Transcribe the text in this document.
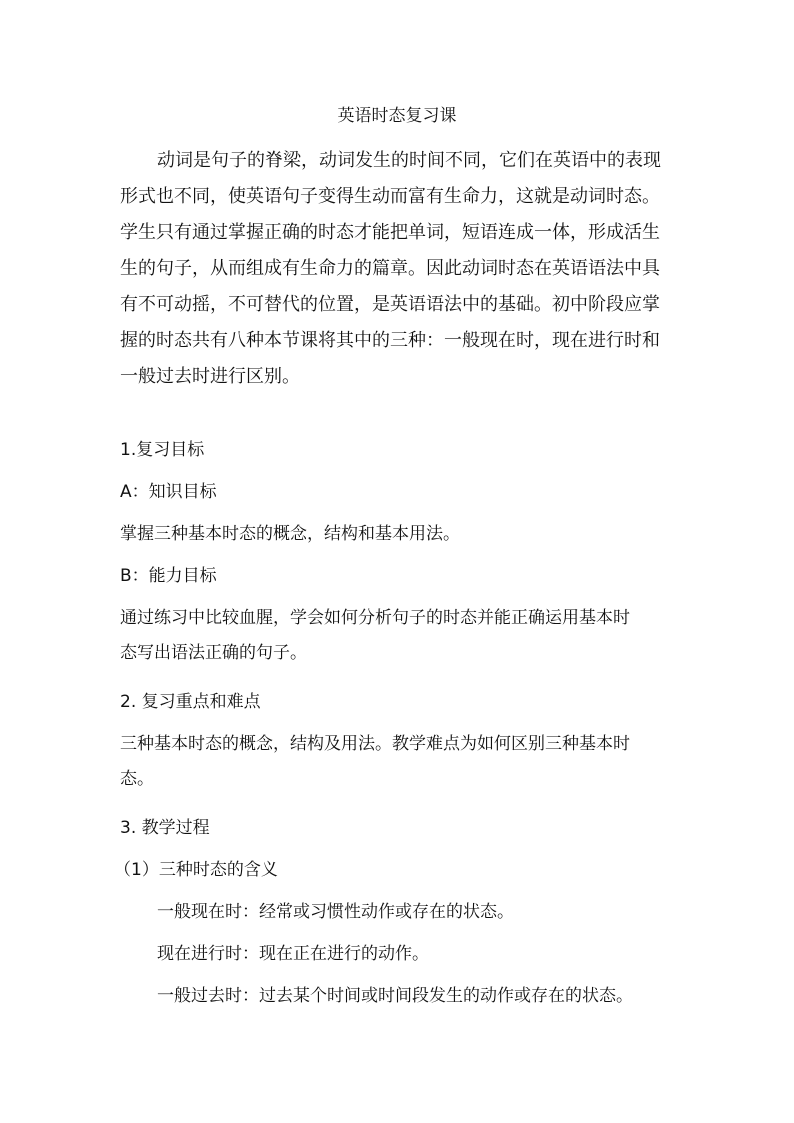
英语时态复习课
动词是句子的脊梁，动词发生的时间不同，它们在英语中的表现
形式也不同，使英语句子变得生动而富有生命力，这就是动词时态。
学生只有通过掌握正确的时态才能把单词，短语连成一体，形成活生
生的句子，从而组成有生命力的篇章。因此动词时态在英语语法中具
有不可动摇，不可替代的位置，是英语语法中的基础。初中阶段应掌
握的时态共有八种本节课将其中的三种：一般现在时，现在进行时和
一般过去时进行区别。
1.复习目标
A：知识目标
掌握三种基本时态的概念，结构和基本用法。
B：能力目标
通过练习中比较血腥，学会如何分析句子的时态并能正确运用基本时
态写出语法正确的句子。
2. 复习重点和难点
三种基本时态的概念，结构及用法。教学难点为如何区别三种基本时
态。
3. 教学过程
（1）三种时态的含义
一般现在时：经常或习惯性动作或存在的状态。
现在进行时：现在正在进行的动作。
一般过去时：过去某个时间或时间段发生的动作或存在的状态。
